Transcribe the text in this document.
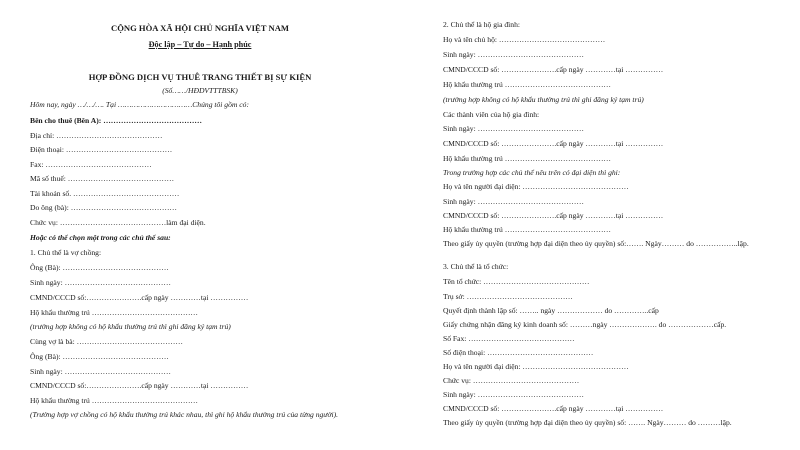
CỘNG HÒA XÃ HỘI CHỦ NGHĨA VIỆT NAM
Độc lập – Tự do – Hạnh phúc
HỢP ĐỒNG DỊCH VỤ THUÊ TRANG THIẾT BỊ SỰ KIỆN
(Số……/HĐDVTTTBSK)
Hôm nay, ngày …/…/…. Tại ……………………………Chúng tôi gồm có:
Bên cho thuê (Bên A): …………………………………
Địa chỉ: ……………………………………
Điện thoại: ……………………………………
Fax: ……………………………………
Mã số thuế: ……………………………………
Tài khoản số. ……………………………………
Do ông (bà): ……………………………………
Chức vụ: ……………………………………làm đại diện.
Hoặc có thể chọn một trong các chủ thể sau:
1. Chủ thể là vợ chồng:
Ông (Bà): ……………………………………
Sinh ngày: ……………………………………
CMND/CCCD số:………………….cấp ngày …………tại ……………
Hộ khẩu thường trú ……………………………………
(trường hợp không có hộ khẩu thường trú thì ghi đăng ký tạm trú)
Cùng vợ là bà: ……………………………………
Ông (Bà): ……………………………………
Sinh ngày: ……………………………………
CMND/CCCD số:………………….cấp ngày …………tại ……………
Hộ khẩu thường trú ……………………………………
(Trường hợp vợ chồng có hộ khẩu thường trú khác nhau, thì ghi hộ khẩu thường trú của từng người).
2. Chủ thể là hộ gia đình:
Họ và tên chủ hộ: ……………………………………
Sinh ngày: ……………………………………
CMND/CCCD số: ………………….cấp ngày …………tại ……………
Hộ khẩu thường trú ……………………………………
(trường hợp không có hộ khẩu thường trú thì ghi đăng ký tạm trú)
Các thành viên của hộ gia đình:
Sinh ngày: ……………………………………
CMND/CCCD số: ………………….cấp ngày …………tại ……………
Hộ khẩu thường trú ……………………………………
Trong trường hợp các chủ thể nêu trên có đại diện thì ghi:
Họ và tên người đại diện: ……………………………………
Sinh ngày: ……………………………………
CMND/CCCD số: ………………….cấp ngày …………tại ……………
Hộ khẩu thường trú ……………………………………
Theo giấy ủy quyền (trường hợp đại diện theo ủy quyền) số:……. Ngày……… do ……………..lập.
3. Chủ thể là tổ chức:
Tên tổ chức: ……………………………………
Trụ sở: ……………………………………
Quyết định thành lập số: …….. ngày ……………… do …………..cấp
Giấy chứng nhận đăng ký kinh doanh số: ………ngày ………………. do ………………cấp.
Số Fax: ……………………………………
Số điện thoại: ……………………………………
Họ và tên người đại diện: ……………………………………
Chức vụ: ……………………………………
Sinh ngày: ……………………………………
CMND/CCCD số: ………………….cấp ngày …………tại ……………
Theo giấy ủy quyền (trường hợp đại diện theo ủy quyền) số: ……. Ngày……… do ………lập.
